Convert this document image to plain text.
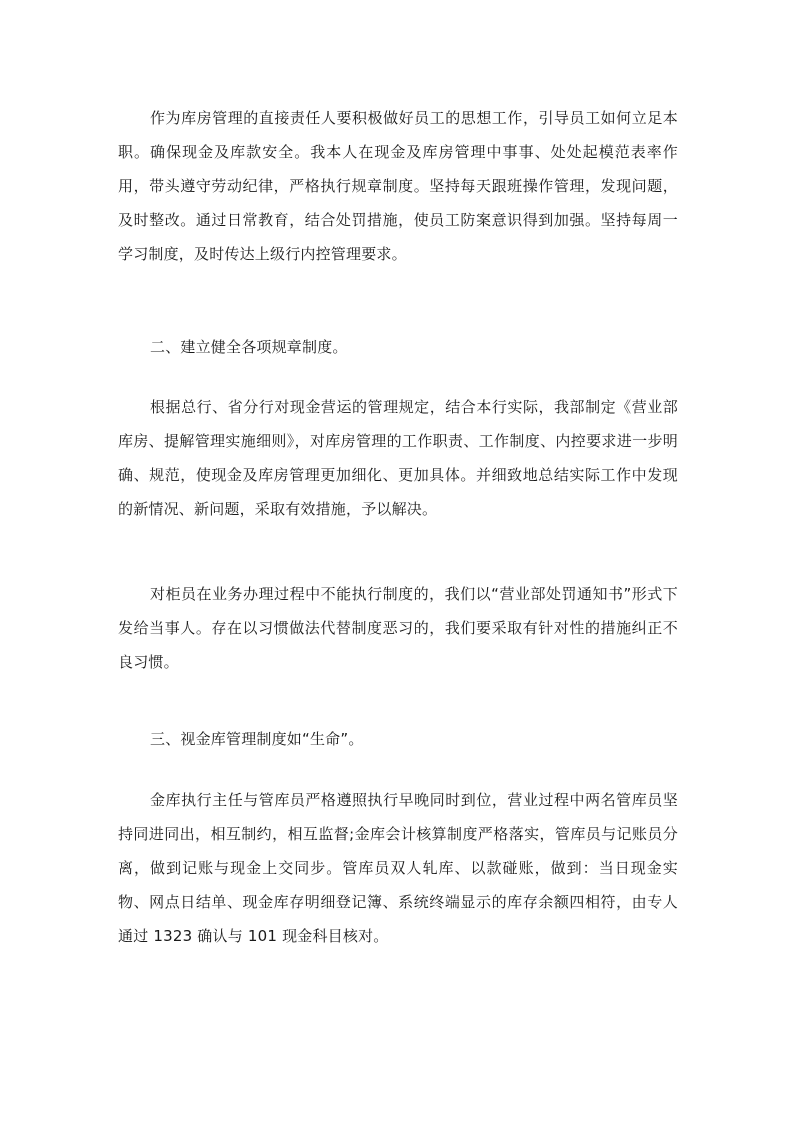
作为库房管理的直接责任人要积极做好员工的思想工作，引导员工如何立足本职。确保现金及库款安全。我本人在现金及库房管理中事事、处处起模范表率作用，带头遵守劳动纪律，严格执行规章制度。坚持每天跟班操作管理，发现问题，及时整改。通过日常教育，结合处罚措施，使员工防案意识得到加强。坚持每周一学习制度，及时传达上级行内控管理要求。

二、建立健全各项规章制度。

根据总行、省分行对现金营运的管理规定，结合本行实际，我部制定《营业部库房、提解管理实施细则》，对库房管理的工作职责、工作制度、内控要求进一步明确、规范，使现金及库房管理更加细化、更加具体。并细致地总结实际工作中发现的新情况、新问题，采取有效措施，予以解决。

对柜员在业务办理过程中不能执行制度的，我们以“营业部处罚通知书”形式下发给当事人。存在以习惯做法代替制度恶习的，我们要采取有针对性的措施纠正不良习惯。

三、视金库管理制度如“生命”。

金库执行主任与管库员严格遵照执行早晚同时到位，营业过程中两名管库员坚持同进同出，相互制约，相互监督;金库会计核算制度严格落实，管库员与记账员分离，做到记账与现金上交同步。管库员双人轧库、以款碰账，做到：当日现金实物、网点日结单、现金库存明细登记簿、系统终端显示的库存余额四相符，由专人通过 1323 确认与 101 现金科目核对。
